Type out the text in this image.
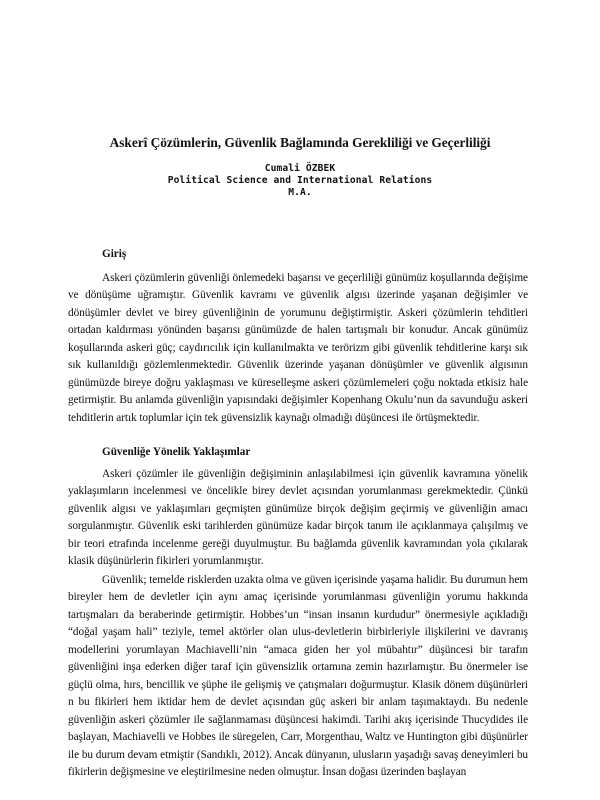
Askerî Çözümlerin, Güvenlik Bağlamında Gerekliliği ve Geçerliliği
Cumali ÖZBEK
Political Science and International Relations
M.A.
Giriş

Askeri çözümlerin güvenliği önlemedeki başarısı ve geçerliliği günümüz koşullarında değişime ve dönüşüme uğramıştır. Güvenlik kavramı ve güvenlik algısı üzerinde yaşanan değişimler ve dönüşümler devlet ve birey güvenliğinin de yorumunu değiştirmiştir. Askeri çözümlerin tehditleri ortadan kaldırması yönünden başarısı günümüzde de halen tartışmalı bir konudur. Ancak günümüz koşullarında askeri güç; caydırıcılık için kullanılmakta ve terörizm gibi güvenlik tehditlerine karşı sık sık kullanıldığı gözlemlenmektedir. Güvenlik üzerinde yaşanan dönüşümler ve güvenlik algısının günümüzde bireye doğru yaklaşması ve küreselleşme askeri çözümlemeleri çoğu noktada etkisiz hale getirmiştir. Bu anlamda güvenliğin yapısındaki değişimler Kopenhang Okulu’nun da savunduğu askeri tehditlerin artık toplumlar için tek güvensizlik kaynağı olmadığı düşüncesi ile örtüşmektedir.

Güvenliğe Yönelik Yaklaşımlar

Askeri çözümler ile güvenliğin değişiminin anlaşılabilmesi için güvenlik kavramına yönelik yaklaşımların incelenmesi ve öncelikle birey devlet açısından yorumlanması gerekmektedir. Çünkü güvenlik algısı ve yaklaşımları geçmişten günümüze birçok değişim geçirmiş ve güvenliğin amacı sorgulanmıştır. Güvenlik eski tarihlerden günümüze kadar birçok tanım ile açıklanmaya çalışılmış ve bir teori etrafında incelenme gereği duyulmuştur. Bu bağlamda güvenlik kavramından yola çıkılarak klasik düşünürlerin fikirleri yorumlanmıştır.

Güvenlik; temelde risklerden uzakta olma ve güven içerisinde yaşama halidir. Bu durumun hem bireyler hem de devletler için aynı amaç içerisinde yorumlanması güvenliğin yorumu hakkında tartışmaları da beraberinde getirmiştir. Hobbes’un “insan insanın kurdudur” önermesiyle açıkladığı “doğal yaşam hali” teziyle, temel aktörler olan ulus-devletlerin birbirleriyle ilişkilerini ve davranış modellerini yorumlayan Machiavelli’nin “amaca giden her yol mübahtır” düşüncesi bir tarafın güvenliğini inşa ederken diğer taraf için güvensizlik ortamına zemin hazırlamıştır. Bu önermeler ise güçlü olma, hırs, bencillik ve şüphe ile gelişmiş ve çatışmaları doğurmuştur. Klasik dönem düşünürleri n bu fikirleri hem iktidar hem de devlet açısından güç askeri bir anlam taşımaktaydı. Bu nedenle güvenliğin askeri çözümler ile sağlanmaması düşüncesi hakimdi. Tarihi akış içerisinde Thucydides ile başlayan, Machiavelli ve Hobbes ile süregelen, Carr, Morgenthau, Waltz ve Huntington gibi düşünürler ile bu durum devam etmiştir (Sandıklı, 2012). Ancak dünyanın, ulusların yaşadığı savaş deneyimleri bu fikirlerin değişmesine ve eleştirilmesine neden olmuştur. İnsan doğası üzerinden başlayan
